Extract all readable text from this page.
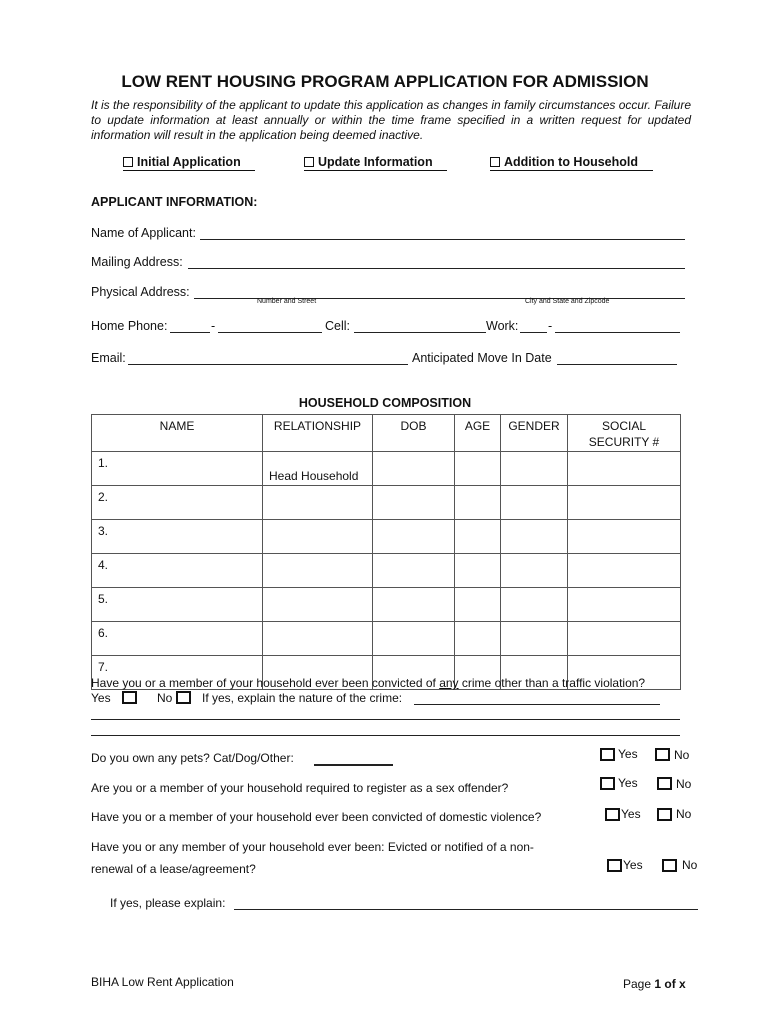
LOW RENT HOUSING PROGRAM APPLICATION FOR ADMISSION
It is the responsibility of the applicant to update this application as changes in family circumstances occur. Failure to update information at least annually or within the time frame specified in a written request for updated information will result in the application being deemed inactive.
Initial Application	Update Information	Addition to Household
APPLICANT INFORMATION:
Name of Applicant:
Mailing Address:
Physical Address:
Number and Street	City and State and Zipcode
Home Phone:	-	Cell:	Work: -
Email:	Anticipated Move In Date
HOUSEHOLD COMPOSITION
NAME	RELATIONSHIP	DOB	AGE	GENDER	SOCIAL SECURITY #
1.	Head Household				
2.					
3.					
4.					
5.					
6.					
7.					
Have you or a member of your household ever been convicted of any crime other than a traffic violation?
Yes	No If yes, explain the nature of the crime:
Do you own any pets? Cat/Dog/Other:	Yes	No
Are you or a member of your household required to register as a sex offender?	Yes	No
Have you or a member of your household ever been convicted of domestic violence?	Yes	No
Have you or any member of your household ever been: Evicted or notified of a non-
renewal of a lease/agreement?	Yes	No
If yes, please explain:
BIHA Low Rent Application	Page 1 of x
